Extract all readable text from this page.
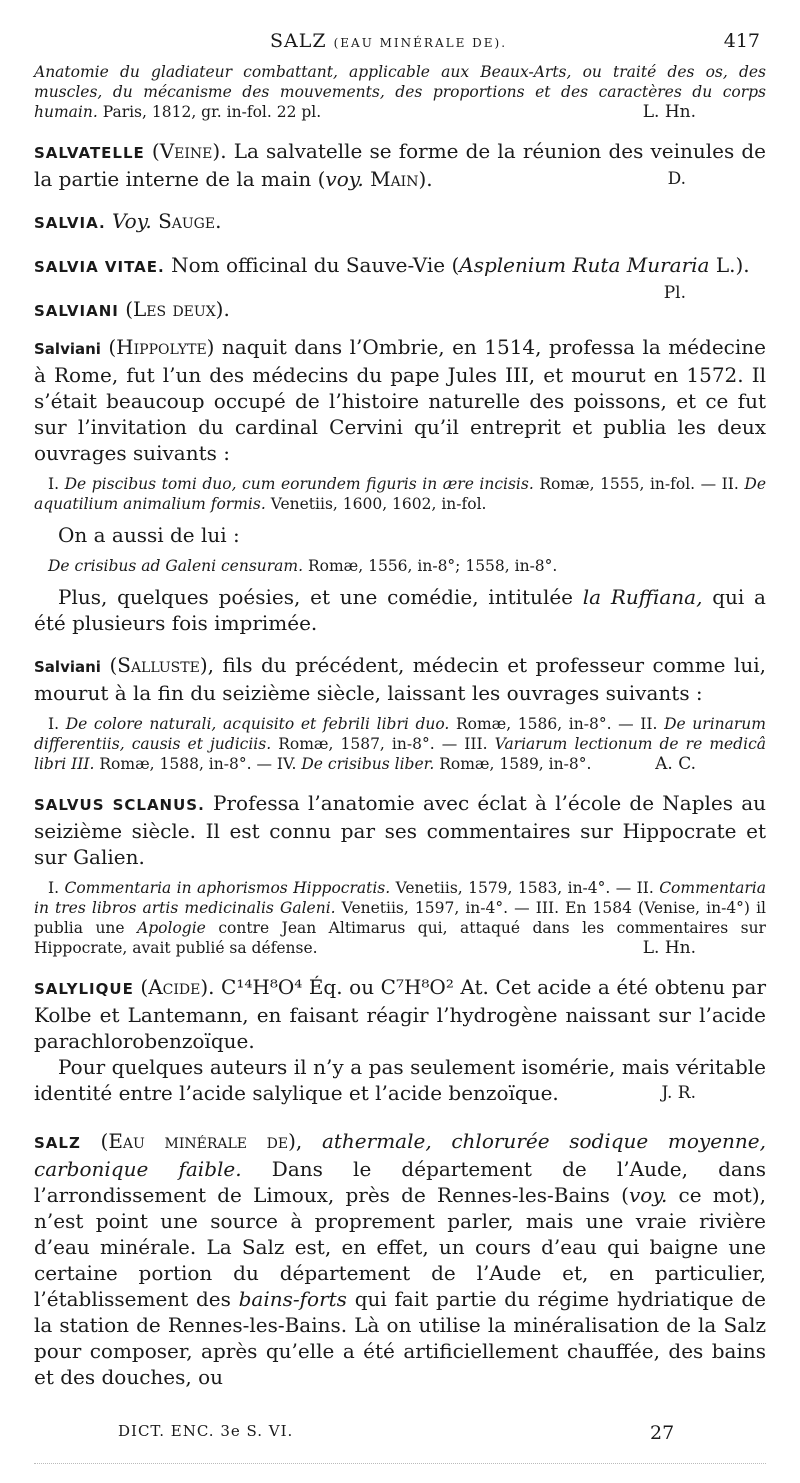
SALZ (EAU MINÉRALE DE).	417

Anatomie du gladiateur combattant, applicable aux Beaux-Arts, ou traité des os, des muscles, du mécanisme des mouvements, des proportions et des caractères du corps humain. Paris, 1812, gr. in-fol. 22 pl.	L. Hn.

SALVATELLE (Veine). La salvatelle se forme de la réunion des veinules de la partie interne de la main (voy. Main).	D.

SALVIA. Voy. Sauge.

SALVIA VITAE. Nom officinal du Sauve-Vie (Asplenium Ruta Muraria L.).
Pl.

SALVIANI (Les deux).

Salviani (Hippolyte) naquit dans l’Ombrie, en 1514, professa la médecine à Rome, fut l’un des médecins du pape Jules III, et mourut en 1572. Il s’était beaucoup occupé de l’histoire naturelle des poissons, et ce fut sur l’invitation du cardinal Cervini qu’il entreprit et publia les deux ouvrages suivants :

I. De piscibus tomi duo, cum eorundem figuris in ære incisis. Romæ, 1555, in-fol. — II. De aquatilium animalium formis. Venetiis, 1600, 1602, in-fol.

On a aussi de lui :

De crisibus ad Galeni censuram. Romæ, 1556, in-8°; 1558, in-8°.

Plus, quelques poésies, et une comédie, intitulée la Ruffiana, qui a été plusieurs fois imprimée.

Salviani (Salluste), fils du précédent, médecin et professeur comme lui, mourut à la fin du seizième siècle, laissant les ouvrages suivants :

I. De colore naturali, acquisito et febrili libri duo. Romæ, 1586, in-8°. — II. De urinarum differentiis, causis et judiciis. Romæ, 1587, in-8°. — III. Variarum lectionum de re medicâ libri III. Romæ, 1588, in-8°. — IV. De crisibus liber. Romæ, 1589, in-8°.	A. C.

SALVUS SCLANUS. Professa l’anatomie avec éclat à l’école de Naples au seizième siècle. Il est connu par ses commentaires sur Hippocrate et sur Galien.

I. Commentaria in aphorismos Hippocratis. Venetiis, 1579, 1583, in-4°. — II. Commentaria in tres libros artis medicinalis Galeni. Venetiis, 1597, in-4°. — III. En 1584 (Venise, in-4°) il publia une Apologie contre Jean Altimarus qui, attaqué dans les commentaires sur Hippocrate, avait publié sa défense.	L. Hn.

SALYLIQUE (Acide). C¹⁴H⁸O⁴ Éq. ou C⁷H⁸O² At. Cet acide a été obtenu par Kolbe et Lantemann, en faisant réagir l’hydrogène naissant sur l’acide parachlorobenzoïque.

Pour quelques auteurs il n’y a pas seulement isomérie, mais véritable identité entre l’acide salylique et l’acide benzoïque.	J. R.

SALZ (Eau minérale de), athermale, chlorurée sodique moyenne, carbonique faible. Dans le département de l’Aude, dans l’arrondissement de Limoux, près de Rennes-les-Bains (voy. ce mot), n’est point une source à proprement parler, mais une vraie rivière d’eau minérale. La Salz est, en effet, un cours d’eau qui baigne une certaine portion du département de l’Aude et, en particulier, l’établissement des bains-forts qui fait partie du régime hydriatique de la station de Rennes-les-Bains. Là on utilise la minéralisation de la Salz pour composer, après qu’elle a été artificiellement chauffée, des bains et des douches, ou

DICT. ENC. 3e S. VI.	27
